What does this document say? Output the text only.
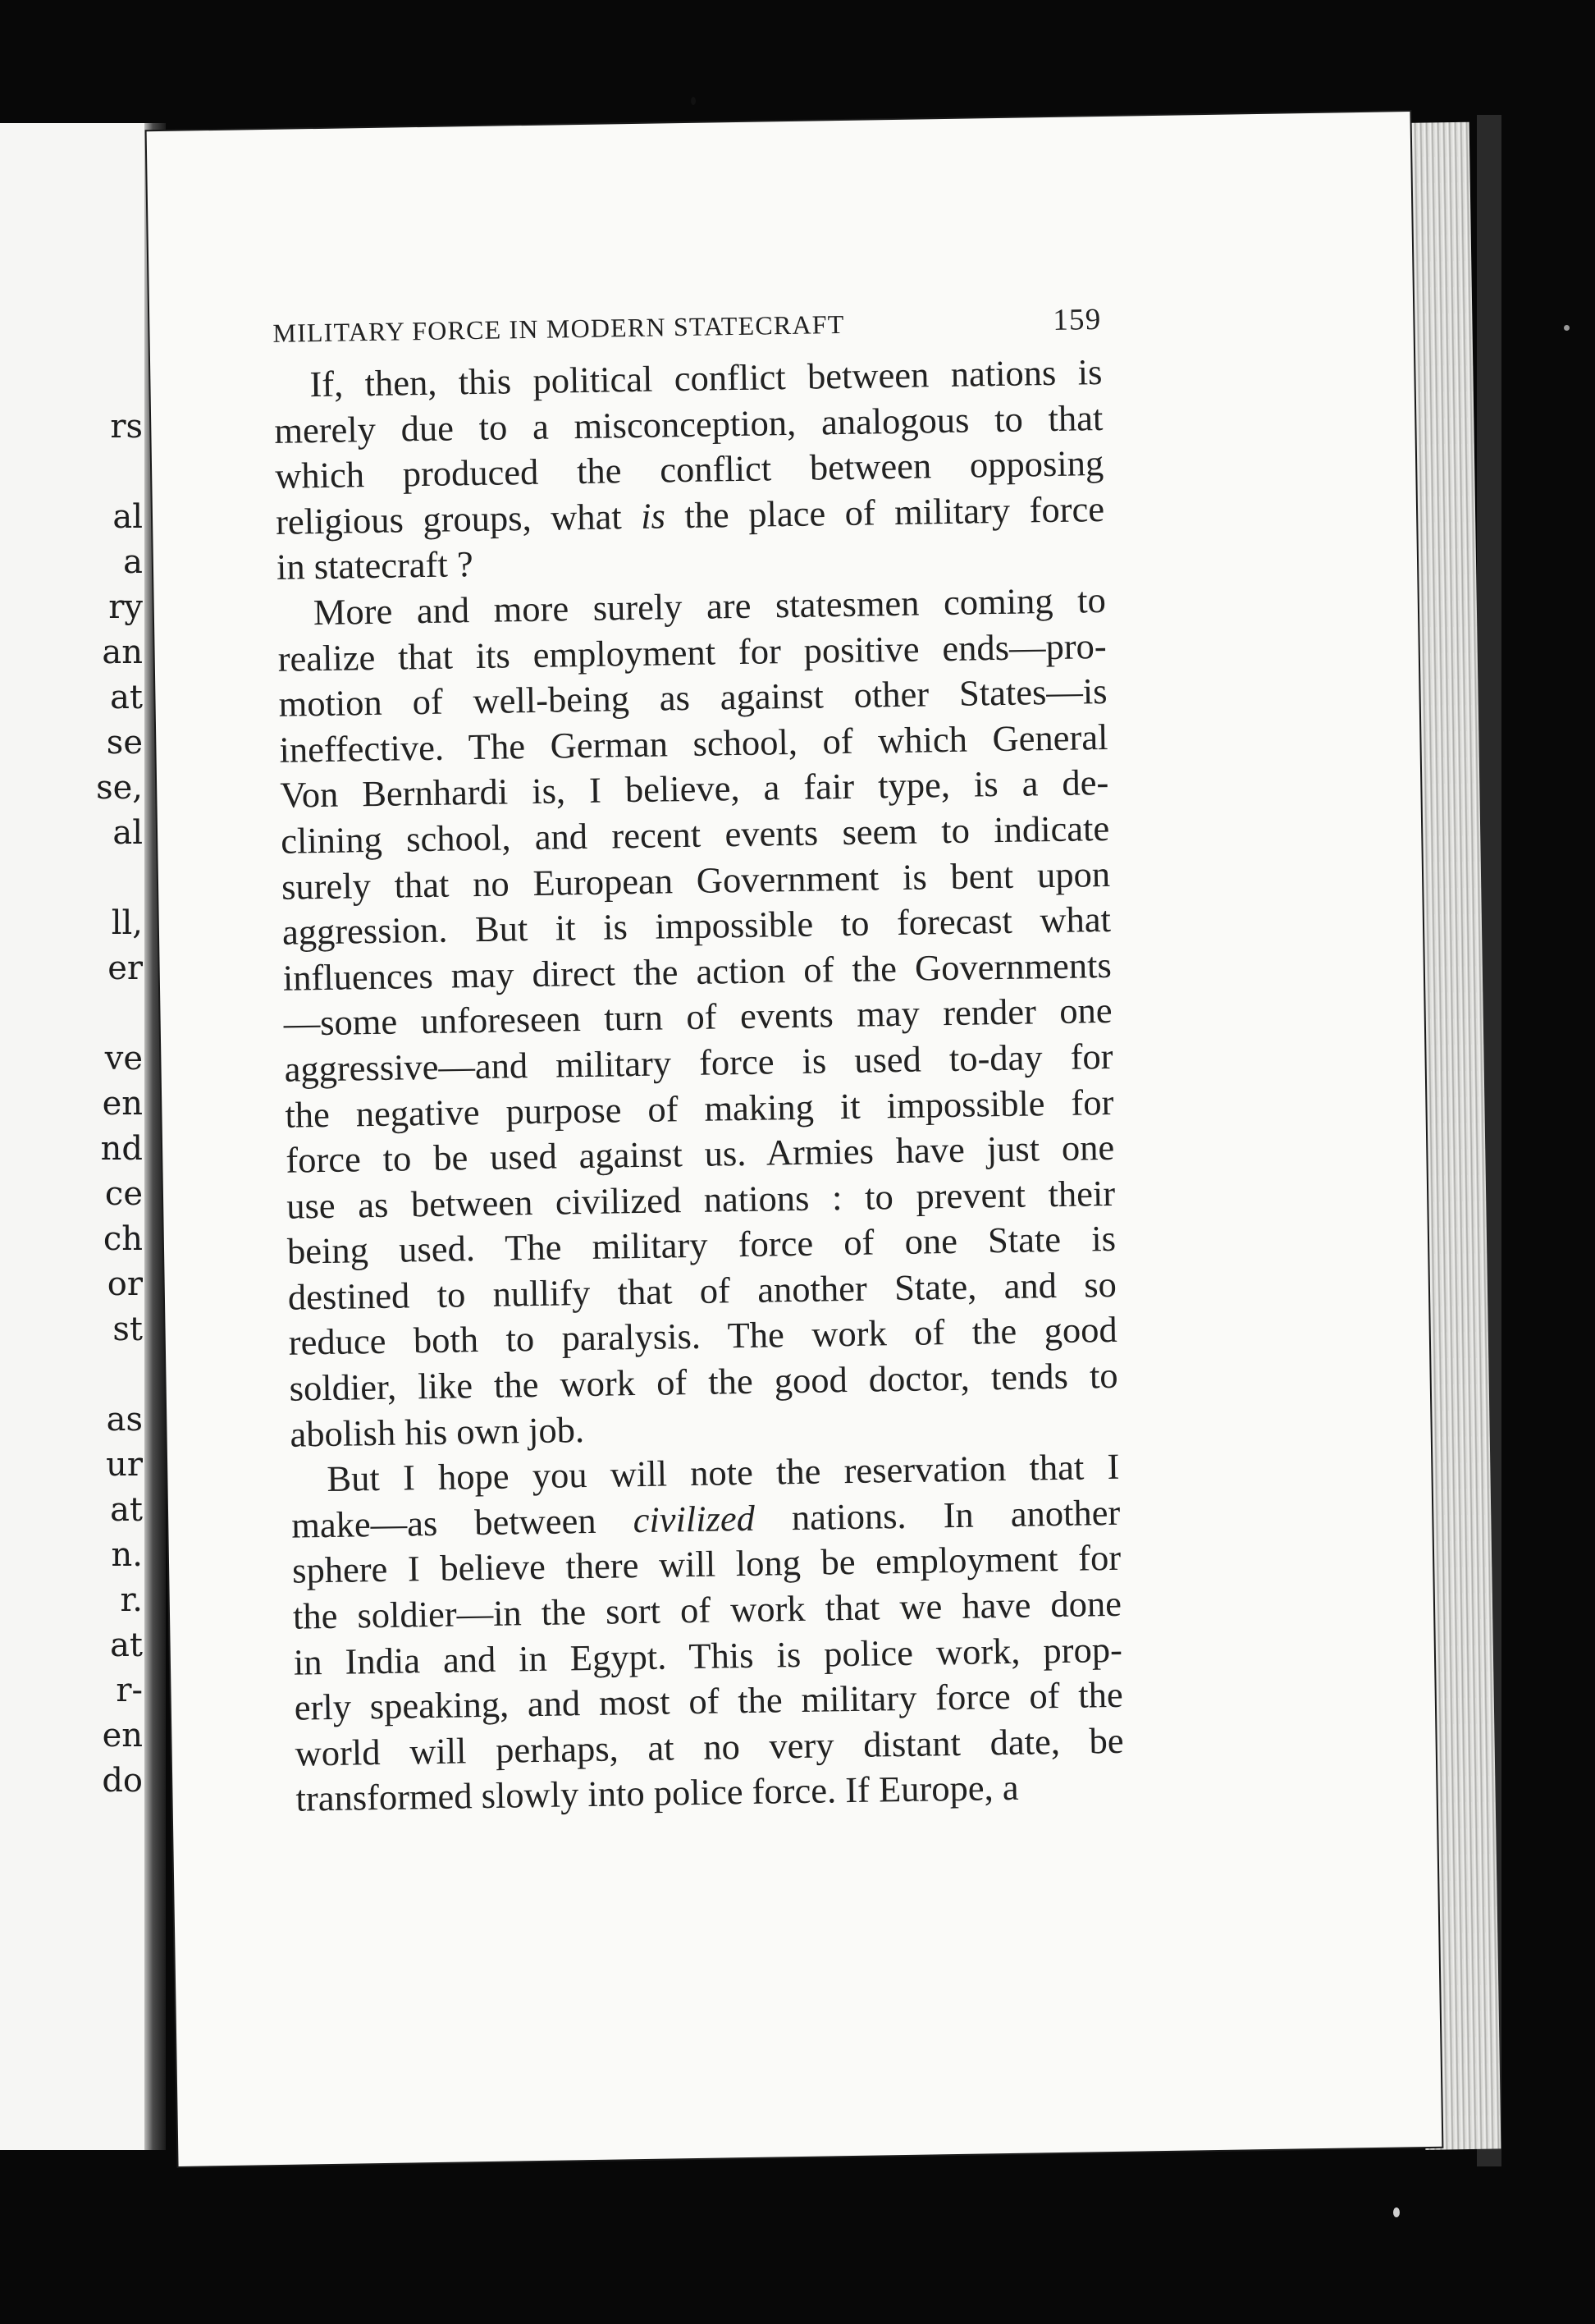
rs
al
a
ry
an
at
se
se,
al
ll,
er
ve
en
nd
ce
ch
or
st
as
ur
at
n.
r.
at
r-
en
do
MILITARY FORCE IN MODERN STATECRAFT	159
If, then, this political conflict between nations is
merely due to a misconception, analogous to that
which produced the conflict between opposing
religious groups, what is the place of military force
in statecraft ?
More and more surely are statesmen coming to
realize that its employment for positive ends—pro-
motion of well-being as against other States—is
ineffective. The German school, of which General
Von Bernhardi is, I believe, a fair type, is a de-
clining school, and recent events seem to indicate
surely that no European Government is bent upon
aggression. But it is impossible to forecast what
influences may direct the action of the Governments
—some unforeseen turn of events may render one
aggressive—and military force is used to-day for
the negative purpose of making it impossible for
force to be used against us. Armies have just one
use as between civilized nations : to prevent their
being used. The military force of one State is
destined to nullify that of another State, and so
reduce both to paralysis. The work of the good
soldier, like the work of the good doctor, tends to
abolish his own job.
But I hope you will note the reservation that I
make—as between civilized nations. In another
sphere I believe there will long be employment for
the soldier—in the sort of work that we have done
in India and in Egypt. This is police work, prop-
erly speaking, and most of the military force of the
world will perhaps, at no very distant date, be
transformed slowly into police force. If Europe, a
